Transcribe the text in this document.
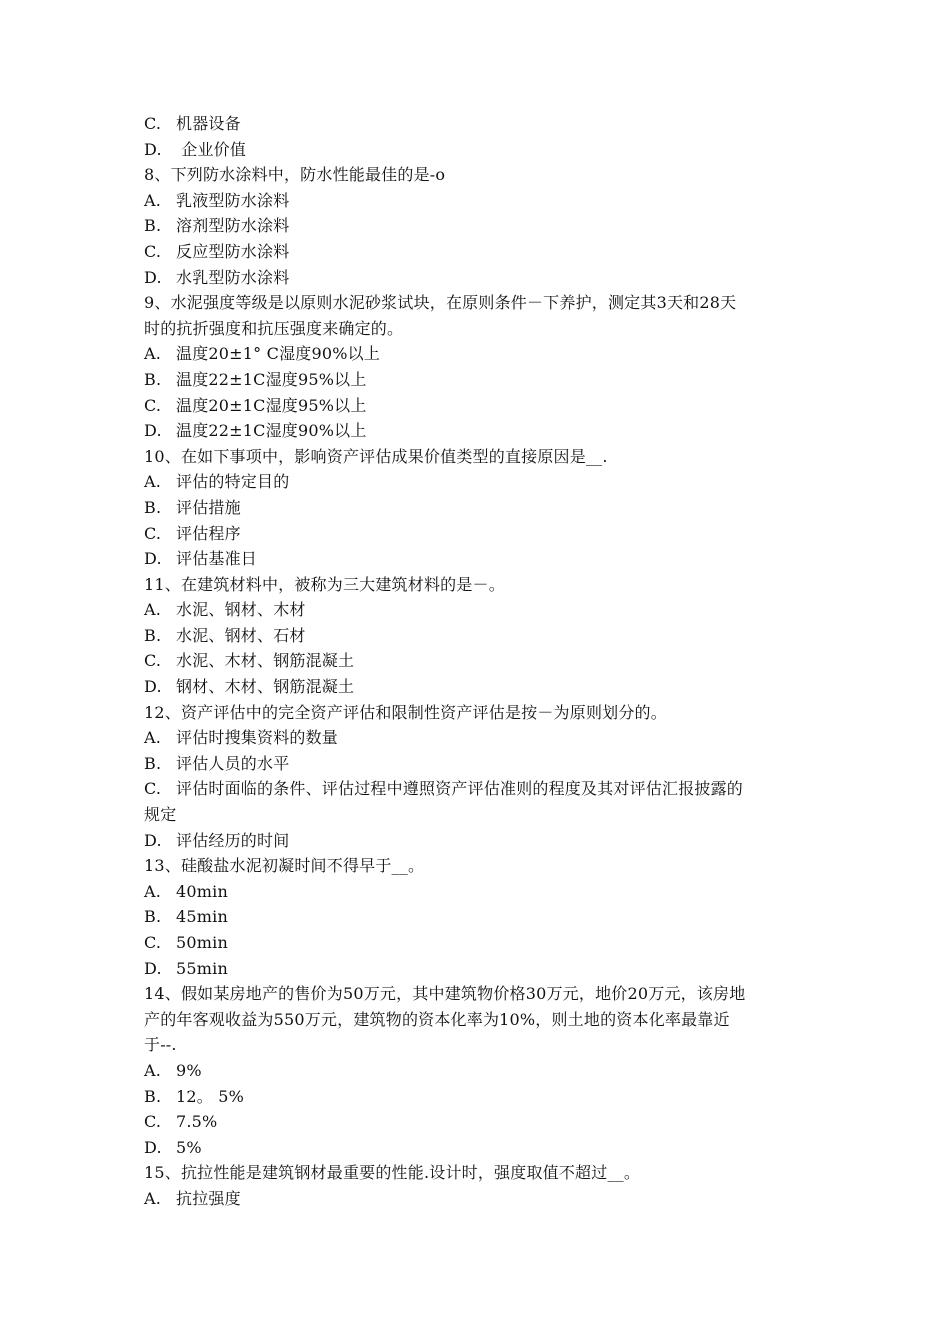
C. 机器设备
D. 企业价值
8、下列防水涂料中，防水性能最佳的是-o
A. 乳液型防水涂料
B. 溶剂型防水涂料
C. 反应型防水涂料
D. 水乳型防水涂料
9、水泥强度等级是以原则水泥砂浆试块，在原则条件－下养护，测定其3天和28天
时的抗折强度和抗压强度来确定的。
A. 温度20±1° C湿度90%以上
B. 温度22±1C湿度95%以上
C. 温度20±1C湿度95%以上
D. 温度22±1C湿度90%以上
10、在如下事项中，影响资产评估成果价值类型的直接原因是__.
A. 评估的特定目的
B. 评估措施
C. 评估程序
D. 评估基准日
11、在建筑材料中，被称为三大建筑材料的是－。
A. 水泥、钢材、木材
B. 水泥、钢材、石材
C. 水泥、木材、钢筋混凝土
D. 钢材、木材、钢筋混凝土
12、资产评估中的完全资产评估和限制性资产评估是按－为原则划分的。
A. 评估时搜集资料的数量
B. 评估人员的水平
C. 评估时面临的条件、评估过程中遵照资产评估准则的程度及其对评估汇报披露的
规定
D. 评估经历的时间
13、硅酸盐水泥初凝时间不得早于__。
A. 40min
B. 45min
C. 50min
D. 55min
14、假如某房地产的售价为50万元，其中建筑物价格30万元，地价20万元，该房地
产的年客观收益为550万元，建筑物的资本化率为10%，则土地的资本化率最靠近
于--.
A. 9%
B. 12。 5%
C. 7.5%
D. 5%
15、抗拉性能是建筑钢材最重要的性能.设计时，强度取值不超过__。
A. 抗拉强度
